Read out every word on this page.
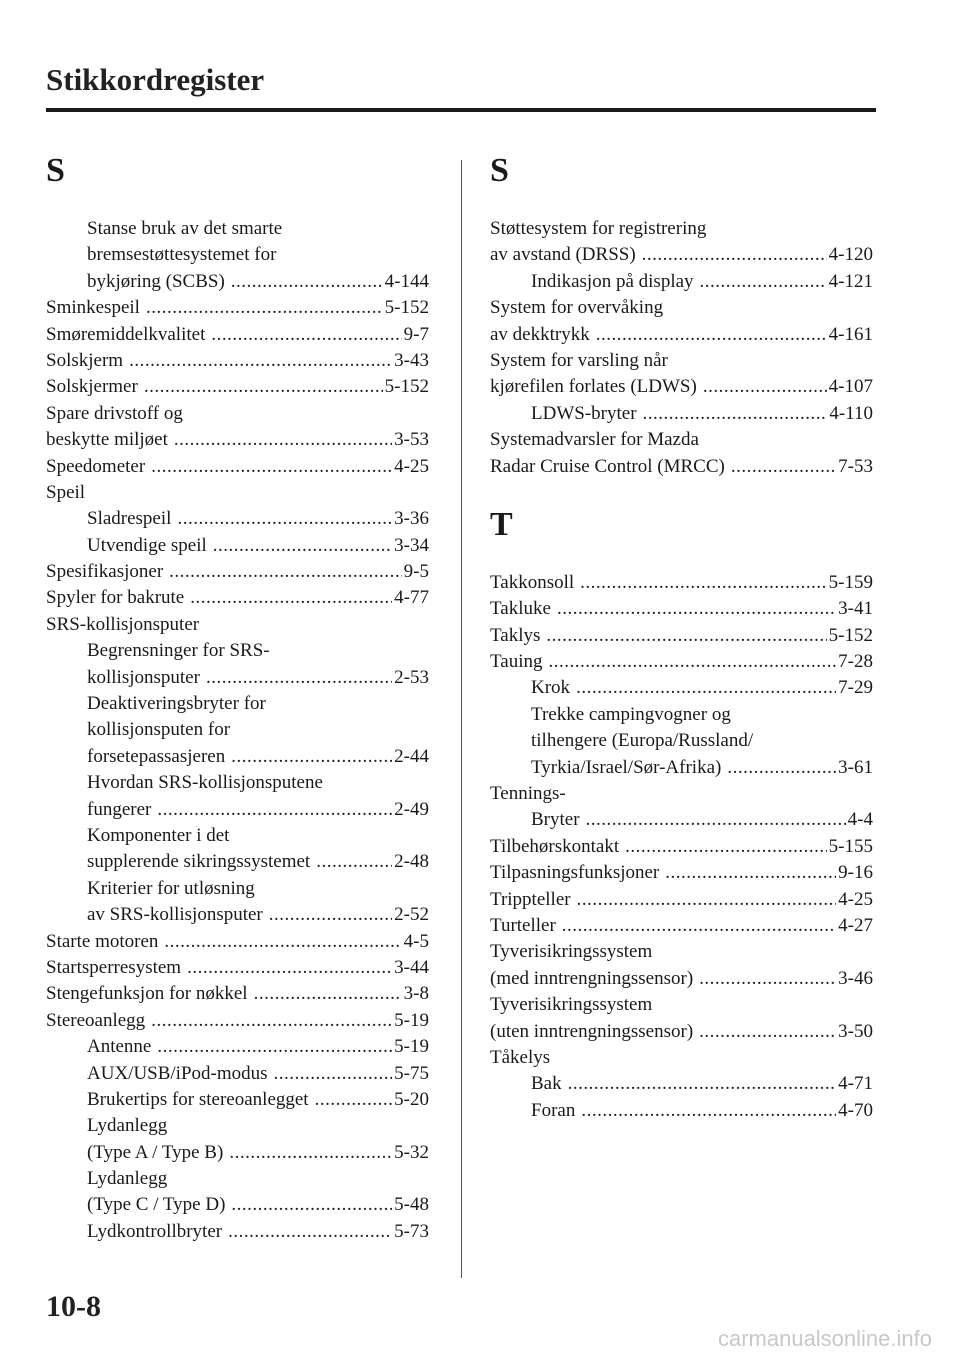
Stikkordregister
S
Stanse bruk av det smarte
bremsestøttesystemet for
bykjøring (SCBS) .....	4-144
Sminkespeil .....	5-152
Smøremiddelkvalitet .....	9-7
Solskjerm .....	3-43
Solskjermer .....	5-152
Spare drivstoff og
beskytte miljøet .....	3-53
Speedometer .....	4-25
Speil
Sladrespeil .....	3-36
Utvendige speil .....	3-34
Spesifikasjoner .....	9-5
Spyler for bakrute .....	4-77
SRS-kollisjonsputer
Begrensninger for SRS-
kollisjonsputer .....	2-53
Deaktiveringsbryter for
kollisjonsputen for
forsetepassasjeren .....	2-44
Hvordan SRS-kollisjonsputene
fungerer .....	2-49
Komponenter i det
supplerende sikringssystemet .....	2-48
Kriterier for utløsning
av SRS-kollisjonsputer .....	2-52
Starte motoren .....	4-5
Startsperresystem .....	3-44
Stengefunksjon for nøkkel .....	3-8
Stereoanlegg .....	5-19
Antenne .....	5-19
AUX/USB/iPod-modus .....	5-75
Brukertips for stereoanlegget .....	5-20
Lydanlegg
(Type A / Type B) .....	5-32
Lydanlegg
(Type C / Type D) .....	5-48
Lydkontrollbryter .....	5-73
S
Støttesystem for registrering
av avstand (DRSS) .....	4-120
Indikasjon på display .....	4-121
System for overvåking
av dekktrykk .....	4-161
System for varsling når
kjørefilen forlates (LDWS) .....	4-107
LDWS-bryter .....	4-110
Systemadvarsler for Mazda
Radar Cruise Control (MRCC) .....	7-53
T
Takkonsoll .....	5-159
Takluke .....	3-41
Taklys .....	5-152
Tauing .....	7-28
Krok .....	7-29
Trekke campingvogner og
tilhengere (Europa/Russland/
Tyrkia/Israel/Sør-Afrika) .....	3-61
Tennings-
Bryter .....	4-4
Tilbehørskontakt .....	5-155
Tilpasningsfunksjoner .....	9-16
Trippteller .....	4-25
Turteller .....	4-27
Tyverisikringssystem
(med inntrengningssensor) .....	3-46
Tyverisikringssystem
(uten inntrengningssensor) .....	3-50
Tåkelys
Bak .....	4-71
Foran .....	4-70
10-8
carmanualsonline.info
